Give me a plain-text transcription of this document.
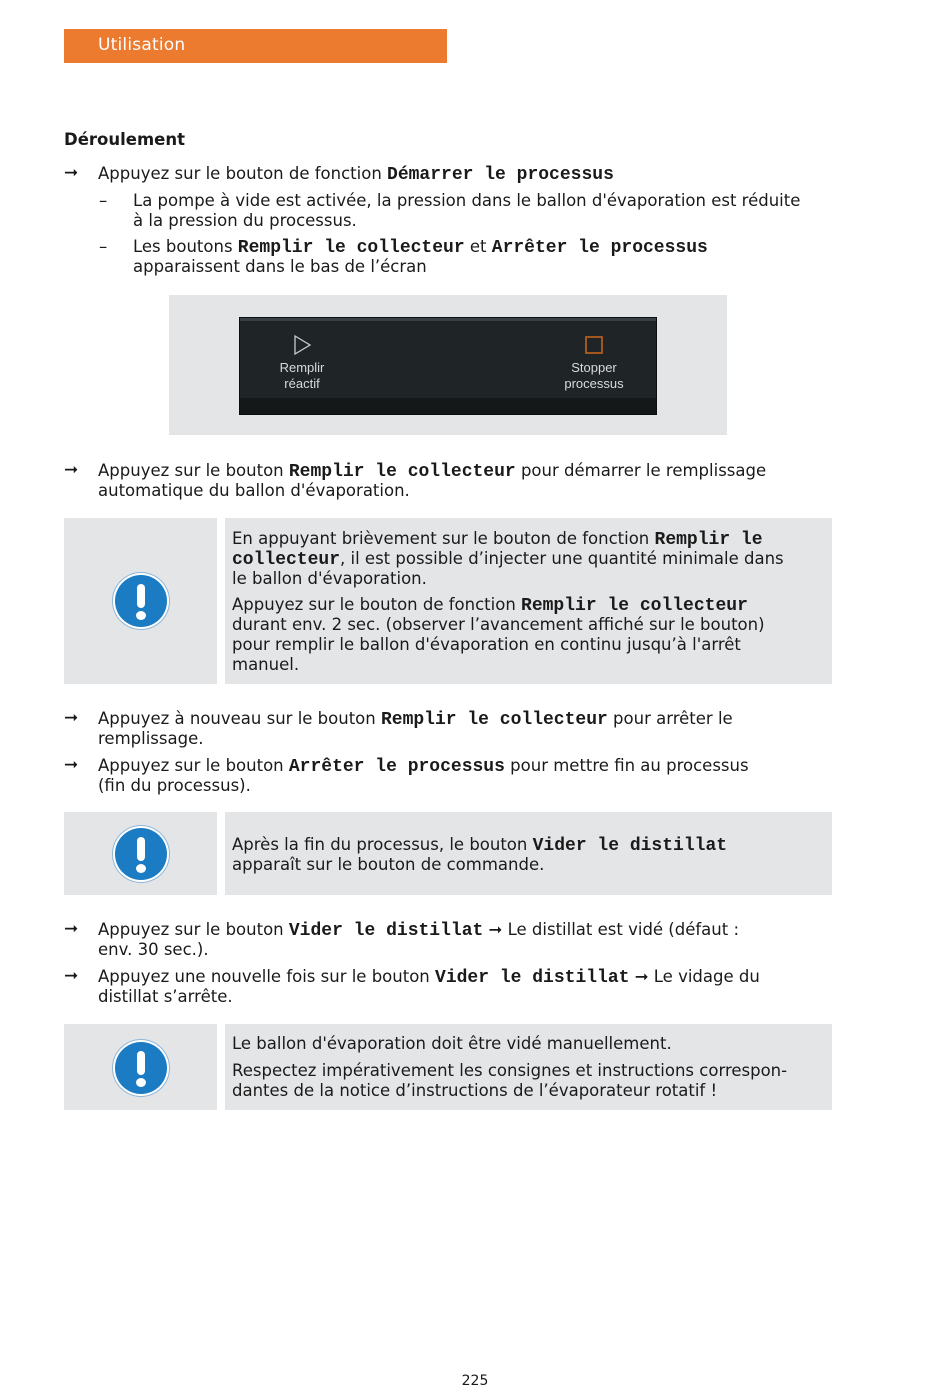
Utilisation
Déroulement
➞ Appuyez sur le bouton de fonction Démarrer le processus
– La pompe à vide est activée, la pression dans le ballon d'évaporation est réduite
à la pression du processus.
– Les boutons Remplir le collecteur et Arrêter le processus
apparaissent dans le bas de l’écran
Remplir
réactif
Stopper
processus
➞ Appuyez sur le bouton Remplir le collecteur pour démarrer le remplissage
automatique du ballon d'évaporation.
En appuyant brièvement sur le bouton de fonction Remplir le
collecteur, il est possible d’injecter une quantité minimale dans
le ballon d'évaporation.
Appuyez sur le bouton de fonction Remplir le collecteur
durant env. 2 sec. (observer l’avancement affiché sur le bouton)
pour remplir le ballon d'évaporation en continu jusqu’à l'arrêt
manuel.
➞ Appuyez à nouveau sur le bouton Remplir le collecteur pour arrêter le
remplissage.
➞ Appuyez sur le bouton Arrêter le processus pour mettre fin au processus
(fin du processus).
Après la fin du processus, le bouton Vider le distillat
apparaît sur le bouton de commande.
➞ Appuyez sur le bouton Vider le distillat ➞ Le distillat est vidé (défaut :
env. 30 sec.).
➞ Appuyez une nouvelle fois sur le bouton Vider le distillat ➞ Le vidage du
distillat s’arrête.
Le ballon d'évaporation doit être vidé manuellement.
Respectez impérativement les consignes et instructions correspon-
dantes de la notice d’instructions de l’évaporateur rotatif !
225
